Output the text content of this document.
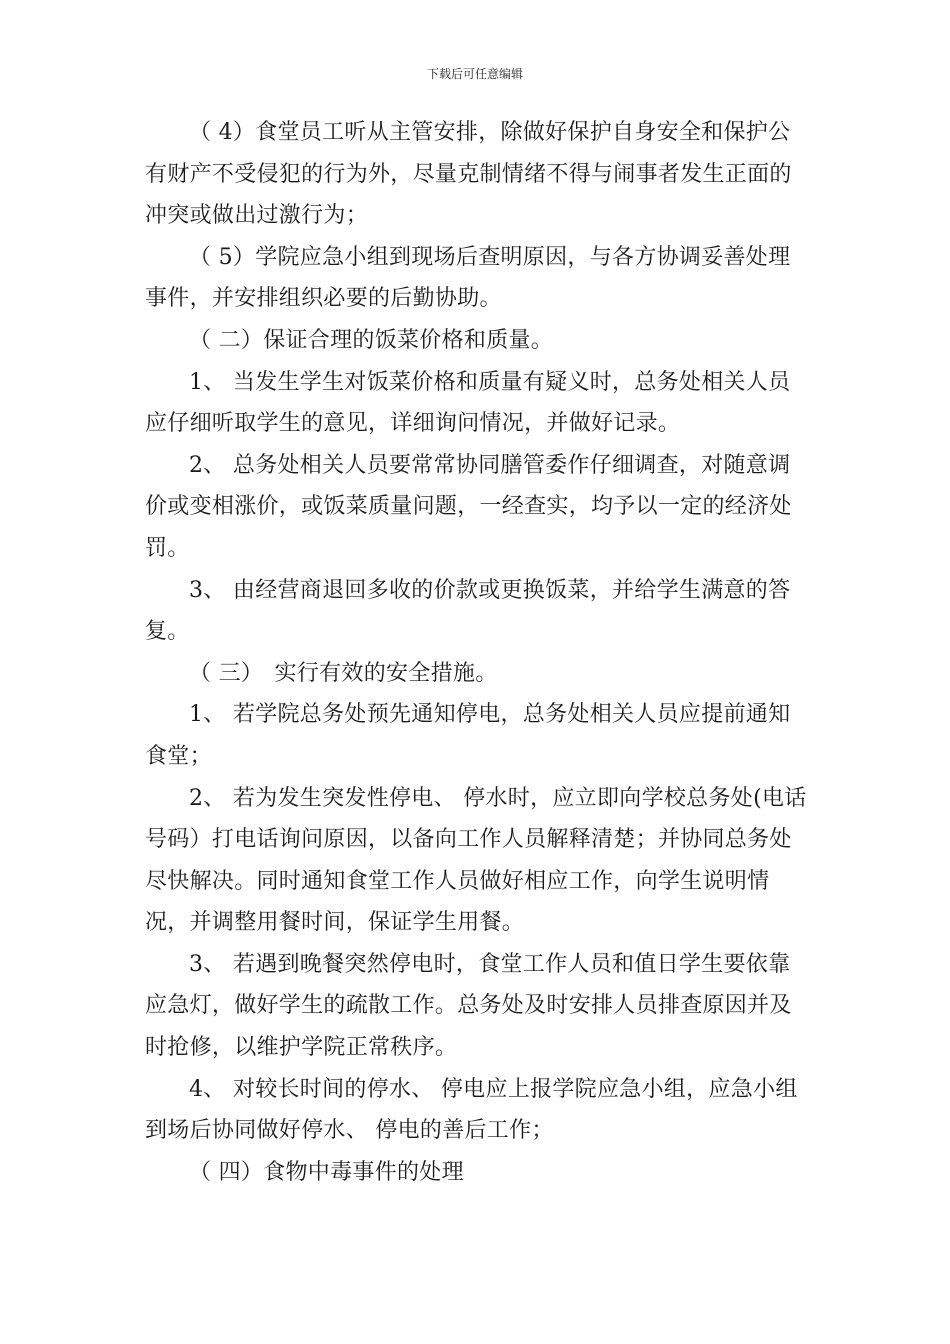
下载后可任意编辑

（ 4）食堂员工听从主管安排，除做好保护自身安全和保护公有财产不受侵犯的行为外，尽量克制情绪不得与闹事者发生正面的冲突或做出过激行为；

（ 5）学院应急小组到现场后查明原因，与各方协调妥善处理事件，并安排组织必要的后勤协助。

（ 二）保证合理的饭菜价格和质量。

1、 当发生学生对饭菜价格和质量有疑义时，总务处相关人员应仔细听取学生的意见，详细询问情况，并做好记录。

2、 总务处相关人员要常常协同膳管委作仔细调查，对随意调价或变相涨价，或饭菜质量问题，一经查实，均予以一定的经济处罚。

3、 由经营商退回多收的价款或更换饭菜，并给学生满意的答复。

（ 三）　实行有效的安全措施。

1、 若学院总务处预先通知停电，总务处相关人员应提前通知食堂；

2、 若为发生突发性停电、 停水时，应立即向学校总务处(电话号码）打电话询问原因，以备向工作人员解释清楚；并协同总务处尽快解决。同时通知食堂工作人员做好相应工作，向学生说明情况，并调整用餐时间，保证学生用餐。

3、 若遇到晚餐突然停电时，食堂工作人员和值日学生要依靠应急灯，做好学生的疏散工作。总务处及时安排人员排查原因并及时抢修，以维护学院正常秩序。

4、 对较长时间的停水、 停电应上报学院应急小组，应急小组到场后协同做好停水、 停电的善后工作；

（ 四）食物中毒事件的处理
